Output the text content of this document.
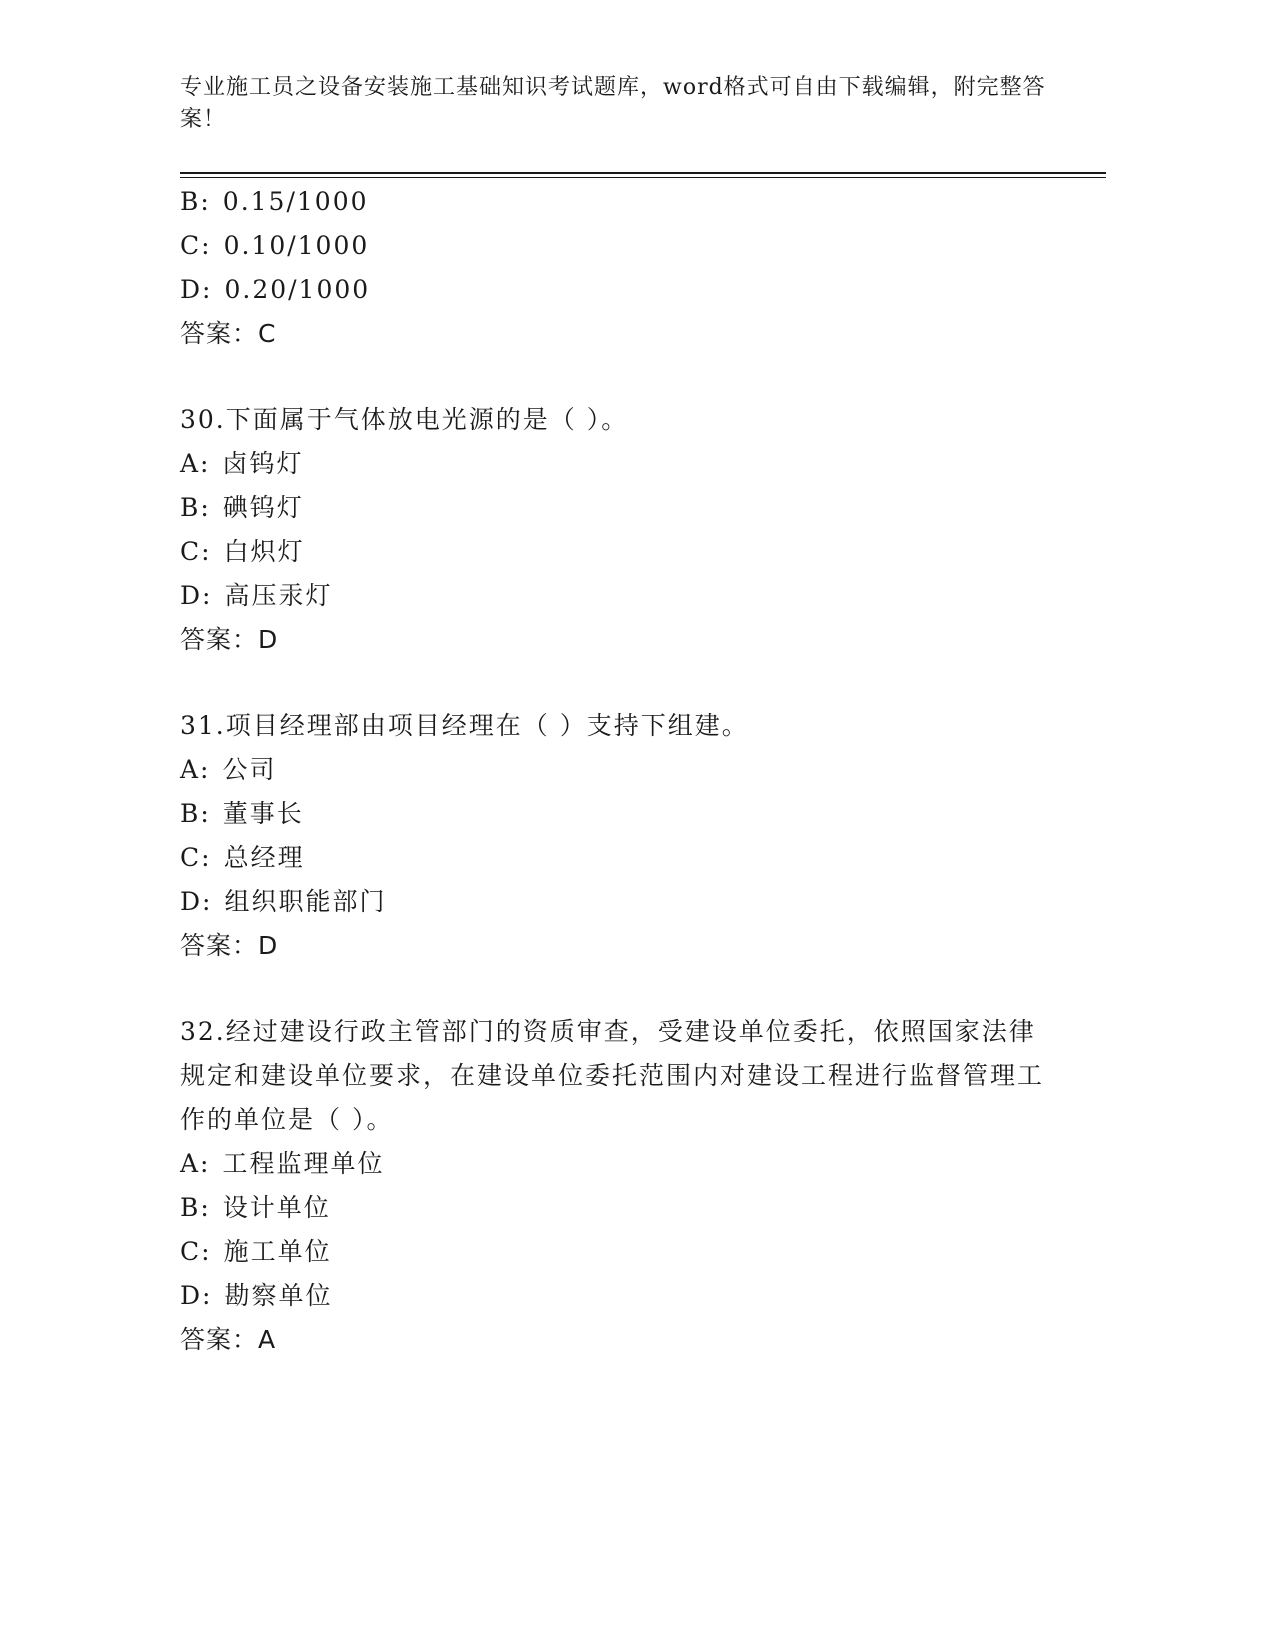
专业施工员之设备安装施工基础知识考试题库，word格式可自由下载编辑，附完整答案！
B: 0.15/1000
C: 0.10/1000
D: 0.20/1000
答案：C
30.下面属于气体放电光源的是（ ）。
A: 卤钨灯
B: 碘钨灯
C: 白炽灯
D: 高压汞灯
答案：D
31.项目经理部由项目经理在（ ）支持下组建。
A: 公司
B: 董事长
C: 总经理
D: 组织职能部门
答案：D
32.经过建设行政主管部门的资质审查，受建设单位委托，依照国家法律规定和建设单位要求，在建设单位委托范围内对建设工程进行监督管理工作的单位是（ ）。
A: 工程监理单位
B: 设计单位
C: 施工单位
D: 勘察单位
答案：A
